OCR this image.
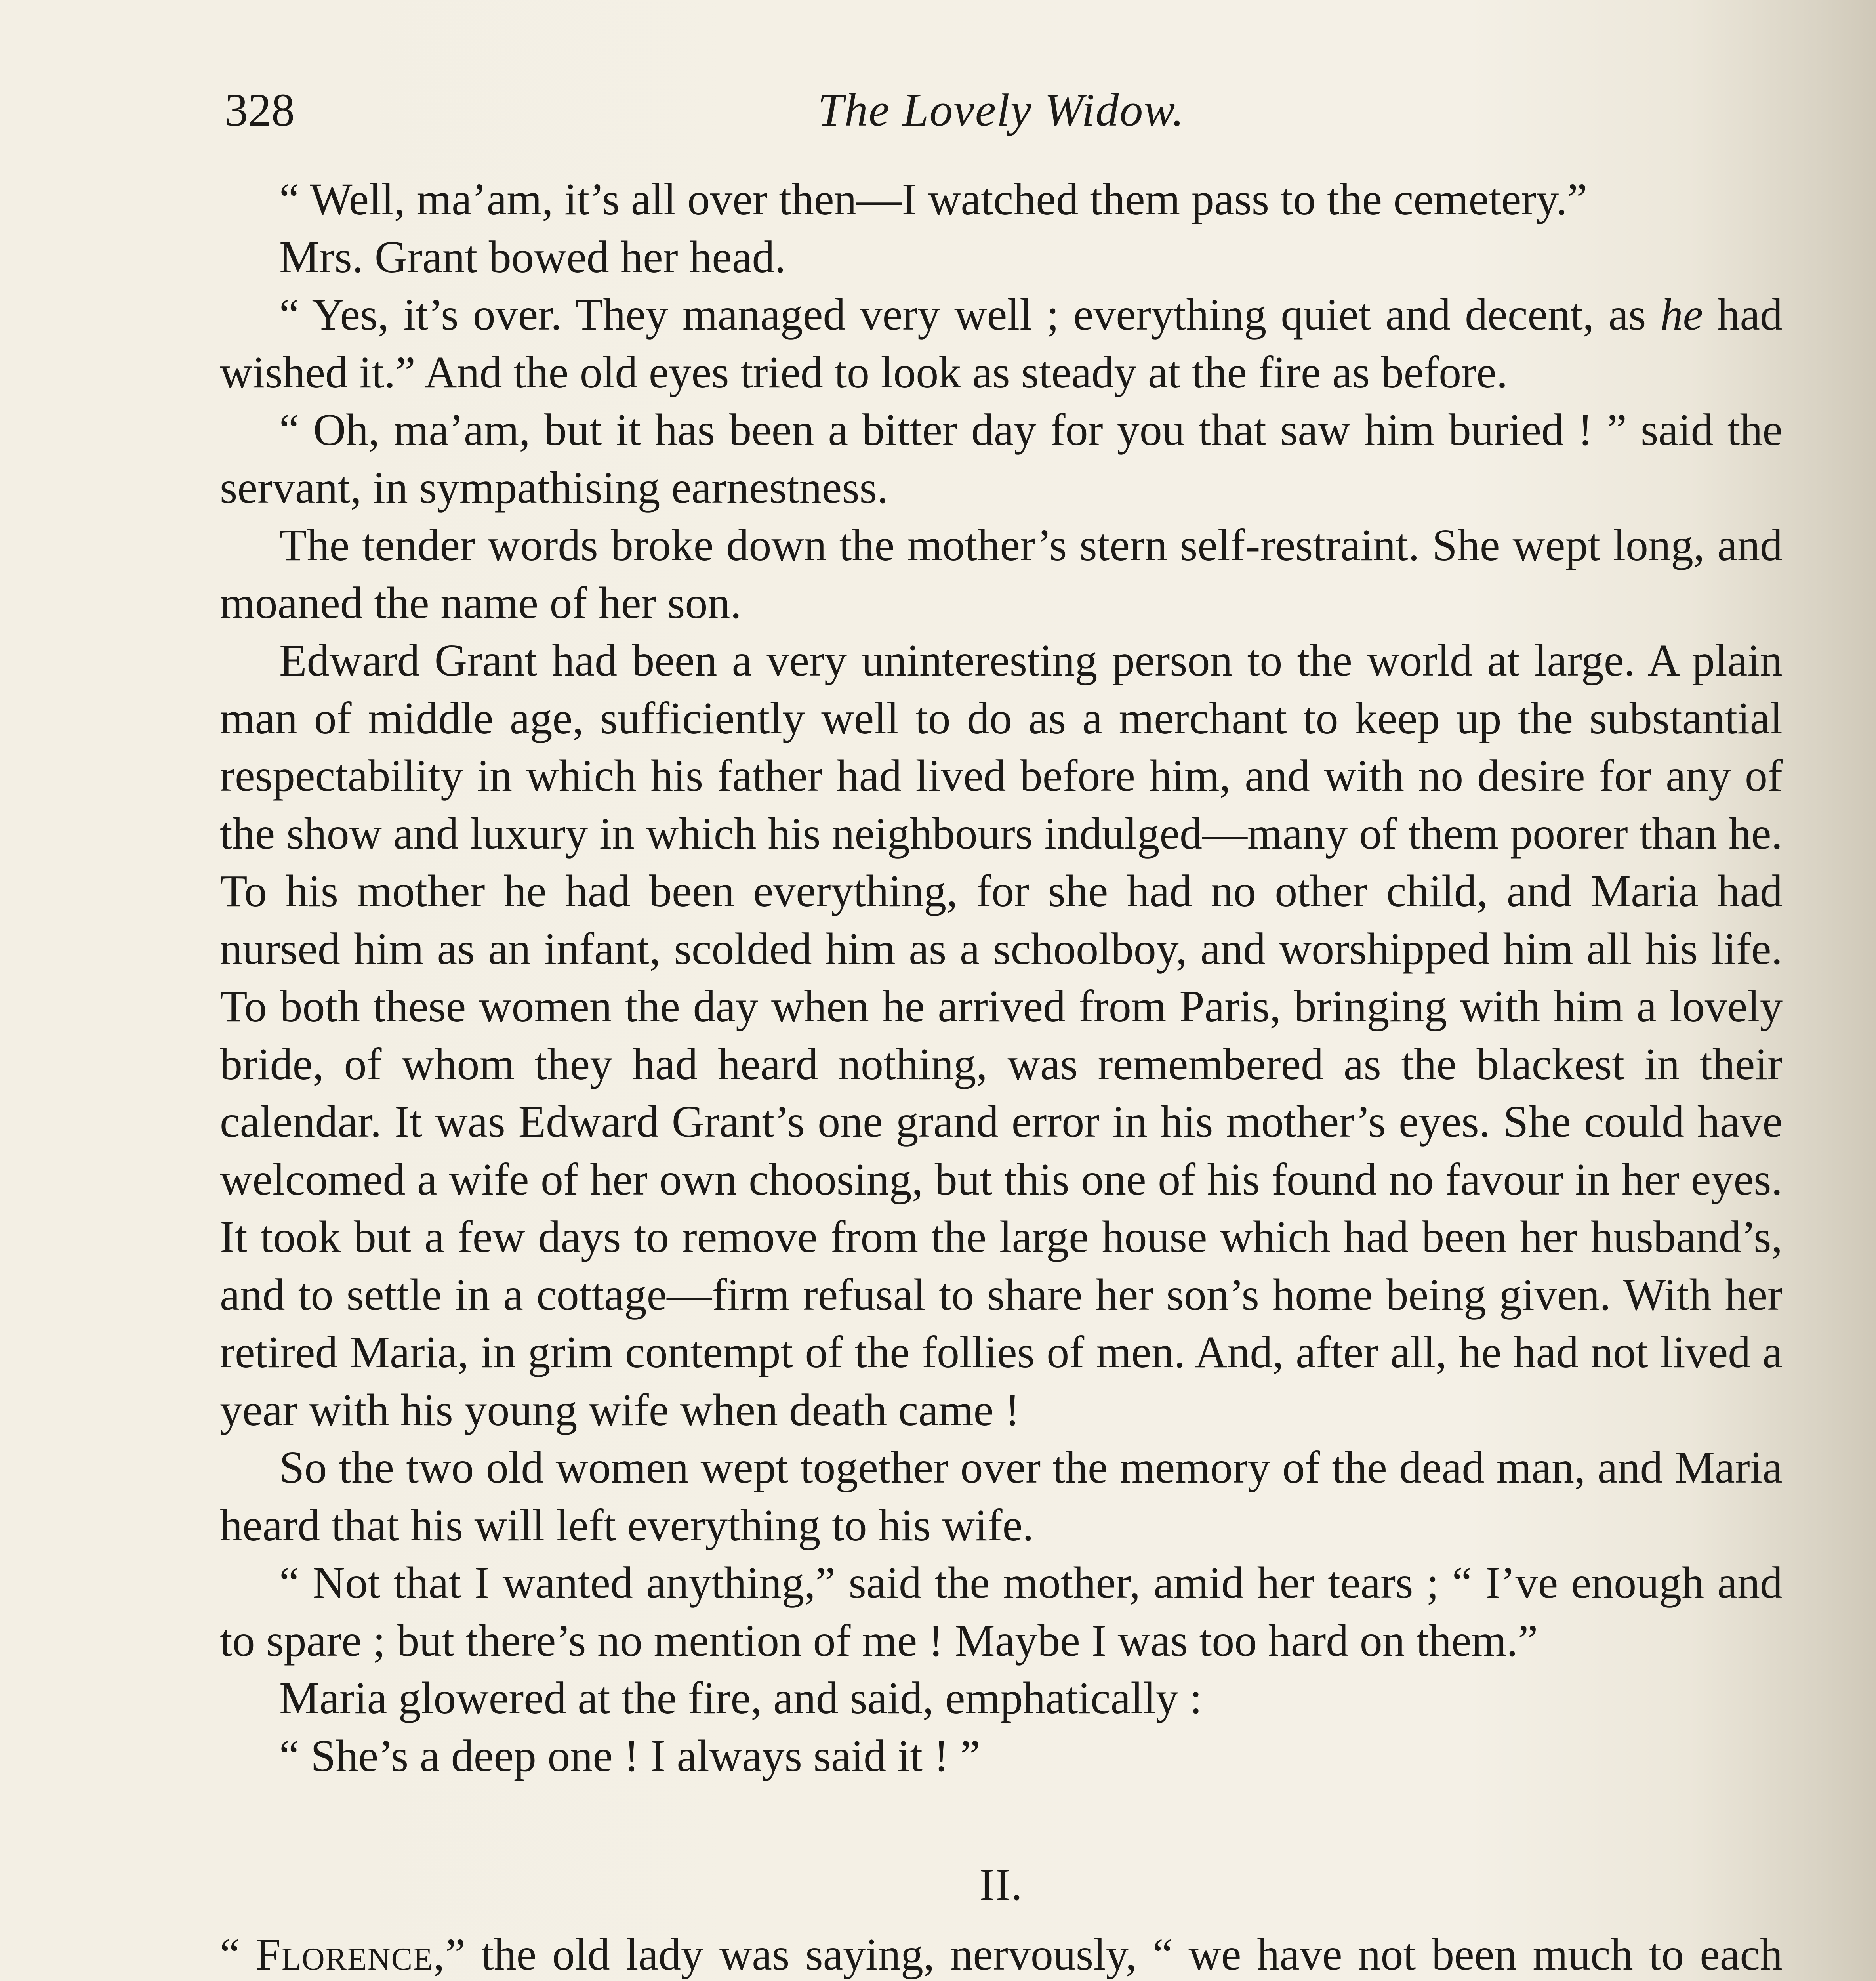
328	The Lovely Widow.

“ Well, ma’am, it’s all over then—I watched them pass to the cemetery.”

Mrs. Grant bowed her head.

“ Yes, it’s over. They managed very well ; everything quiet and decent, as he had wished it.” And the old eyes tried to look as steady at the fire as before.

“ Oh, ma’am, but it has been a bitter day for you that saw him buried ! ” said the servant, in sympathising earnestness.

The tender words broke down the mother’s stern self-restraint. She wept long, and moaned the name of her son.

Edward Grant had been a very uninteresting person to the world at large. A plain man of middle age, sufficiently well to do as a merchant to keep up the substantial respectability in which his father had lived before him, and with no desire for any of the show and luxury in which his neighbours indulged—many of them poorer than he. To his mother he had been everything, for she had no other child, and Maria had nursed him as an infant, scolded him as a schoolboy, and worshipped him all his life. To both these women the day when he arrived from Paris, bringing with him a lovely bride, of whom they had heard nothing, was remembered as the blackest in their calendar. It was Edward Grant’s one grand error in his mother’s eyes. She could have welcomed a wife of her own choosing, but this one of his found no favour in her eyes. It took but a few days to remove from the large house which had been her husband’s, and to settle in a cottage—firm refusal to share her son’s home being given. With her retired Maria, in grim contempt of the follies of men. And, after all, he had not lived a year with his young wife when death came !

So the two old women wept together over the memory of the dead man, and Maria heard that his will left everything to his wife.

“ Not that I wanted anything,” said the mother, amid her tears ; “ I’ve enough and to spare ; but there’s no mention of me ! Maybe I was too hard on them.”

Maria glowered at the fire, and said, emphatically :

“ She’s a deep one ! I always said it ! ”

II.

“ Florence,” the old lady was saying, nervously, “ we have not been much to each
